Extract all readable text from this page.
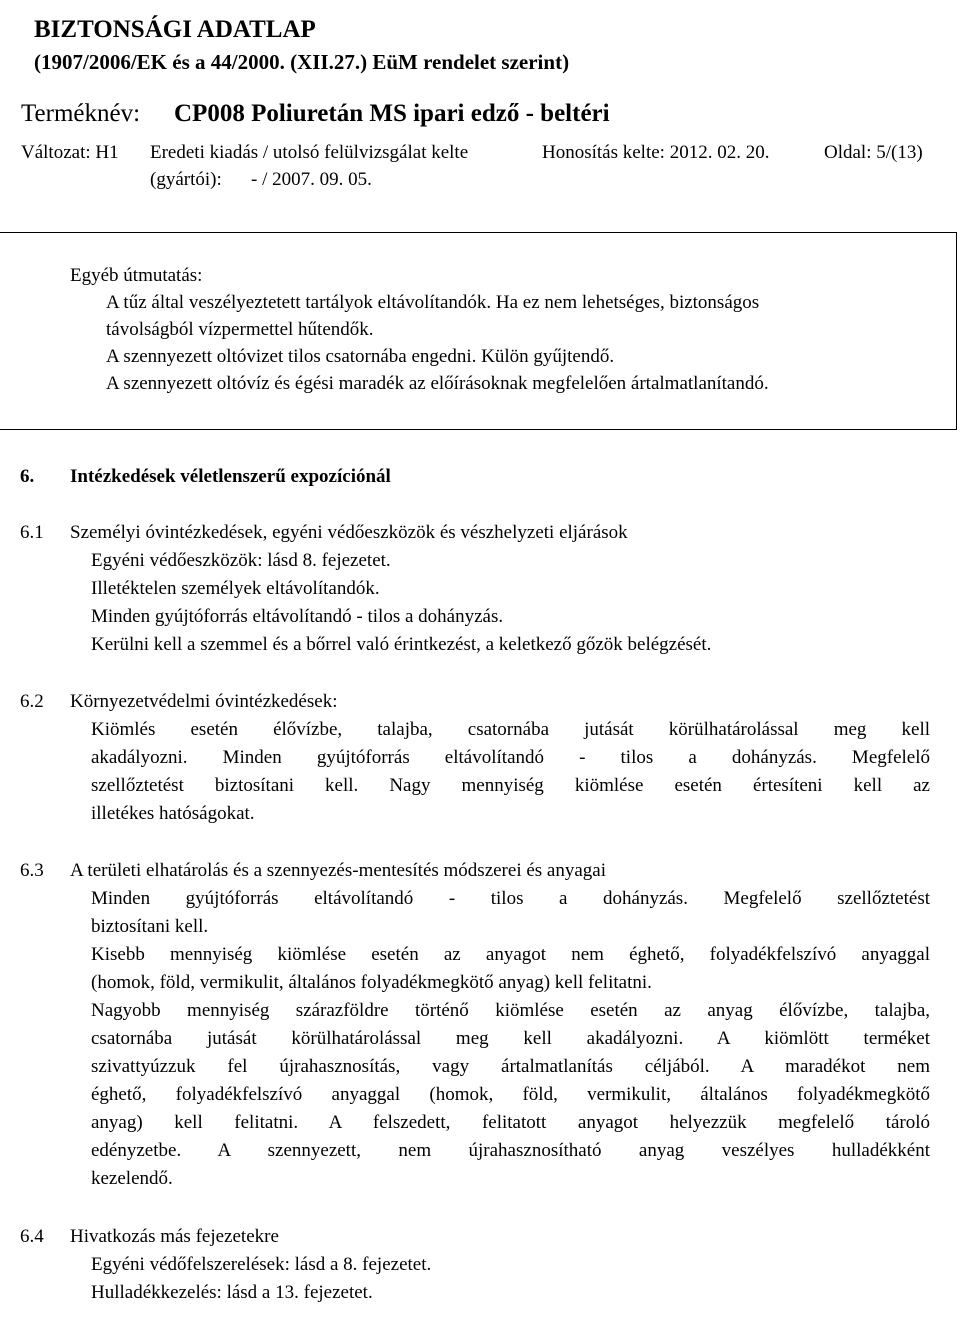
BIZTONSÁGI ADATLAP
(1907/2006/EK és a 44/2000. (XII.27.) EüM rendelet szerint)
Terméknév: CP008 Poliuretán MS ipari edző - beltéri
Változat: H1 Eredeti kiadás / utolsó felülvizsgálat kelte	Honosítás kelte: 2012. 02. 20.	Oldal: 5/(13)
(gyártói): - / 2007. 09. 05.
Egyéb útmutatás:
A tűz által veszélyeztetett tartályok eltávolítandók. Ha ez nem lehetséges, biztonságos
távolságból vízpermettel hűtendők.
A szennyezett oltóvizet tilos csatornába engedni. Külön gyűjtendő.
A szennyezett oltóvíz és égési maradék az előírásoknak megfelelően ártalmatlanítandó.
6. Intézkedések véletlenszerű expozíciónál
6.1 Személyi óvintézkedések, egyéni védőeszközök és vészhelyzeti eljárások
Egyéni védőeszközök: lásd 8. fejezetet.
Illetéktelen személyek eltávolítandók.
Minden gyújtóforrás eltávolítandó - tilos a dohányzás.
Kerülni kell a szemmel és a bőrrel való érintkezést, a keletkező gőzök belégzését.
6.2 Környezetvédelmi óvintézkedések:
Kiömlés esetén élővízbe, talajba, csatornába jutását körülhatárolással meg kell
akadályozni. Minden gyújtóforrás eltávolítandó - tilos a dohányzás. Megfelelő
szellőztetést biztosítani kell. Nagy mennyiség kiömlése esetén értesíteni kell az
illetékes hatóságokat.
6.3 A területi elhatárolás és a szennyezés-mentesítés módszerei és anyagai
Minden gyújtóforrás eltávolítandó - tilos a dohányzás. Megfelelő szellőztetést
biztosítani kell.
Kisebb mennyiség kiömlése esetén az anyagot nem éghető, folyadékfelszívó anyaggal
(homok, föld, vermikulit, általános folyadékmegkötő anyag) kell felitatni.
Nagyobb mennyiség szárazföldre történő kiömlése esetén az anyag élővízbe, talajba,
csatornába jutását körülhatárolással meg kell akadályozni. A kiömlött terméket
szivattyúzzuk fel újrahasznosítás, vagy ártalmatlanítás céljából. A maradékot nem
éghető, folyadékfelszívó anyaggal (homok, föld, vermikulit, általános folyadékmegkötő
anyag) kell felitatni. A felszedett, felitatott anyagot helyezzük megfelelő tároló
edényzetbe. A szennyezett, nem újrahasznosítható anyag veszélyes hulladékként
kezelendő.
6.4 Hivatkozás más fejezetekre
Egyéni védőfelszerelések: lásd a 8. fejezetet.
Hulladékkezelés: lásd a 13. fejezetet.
